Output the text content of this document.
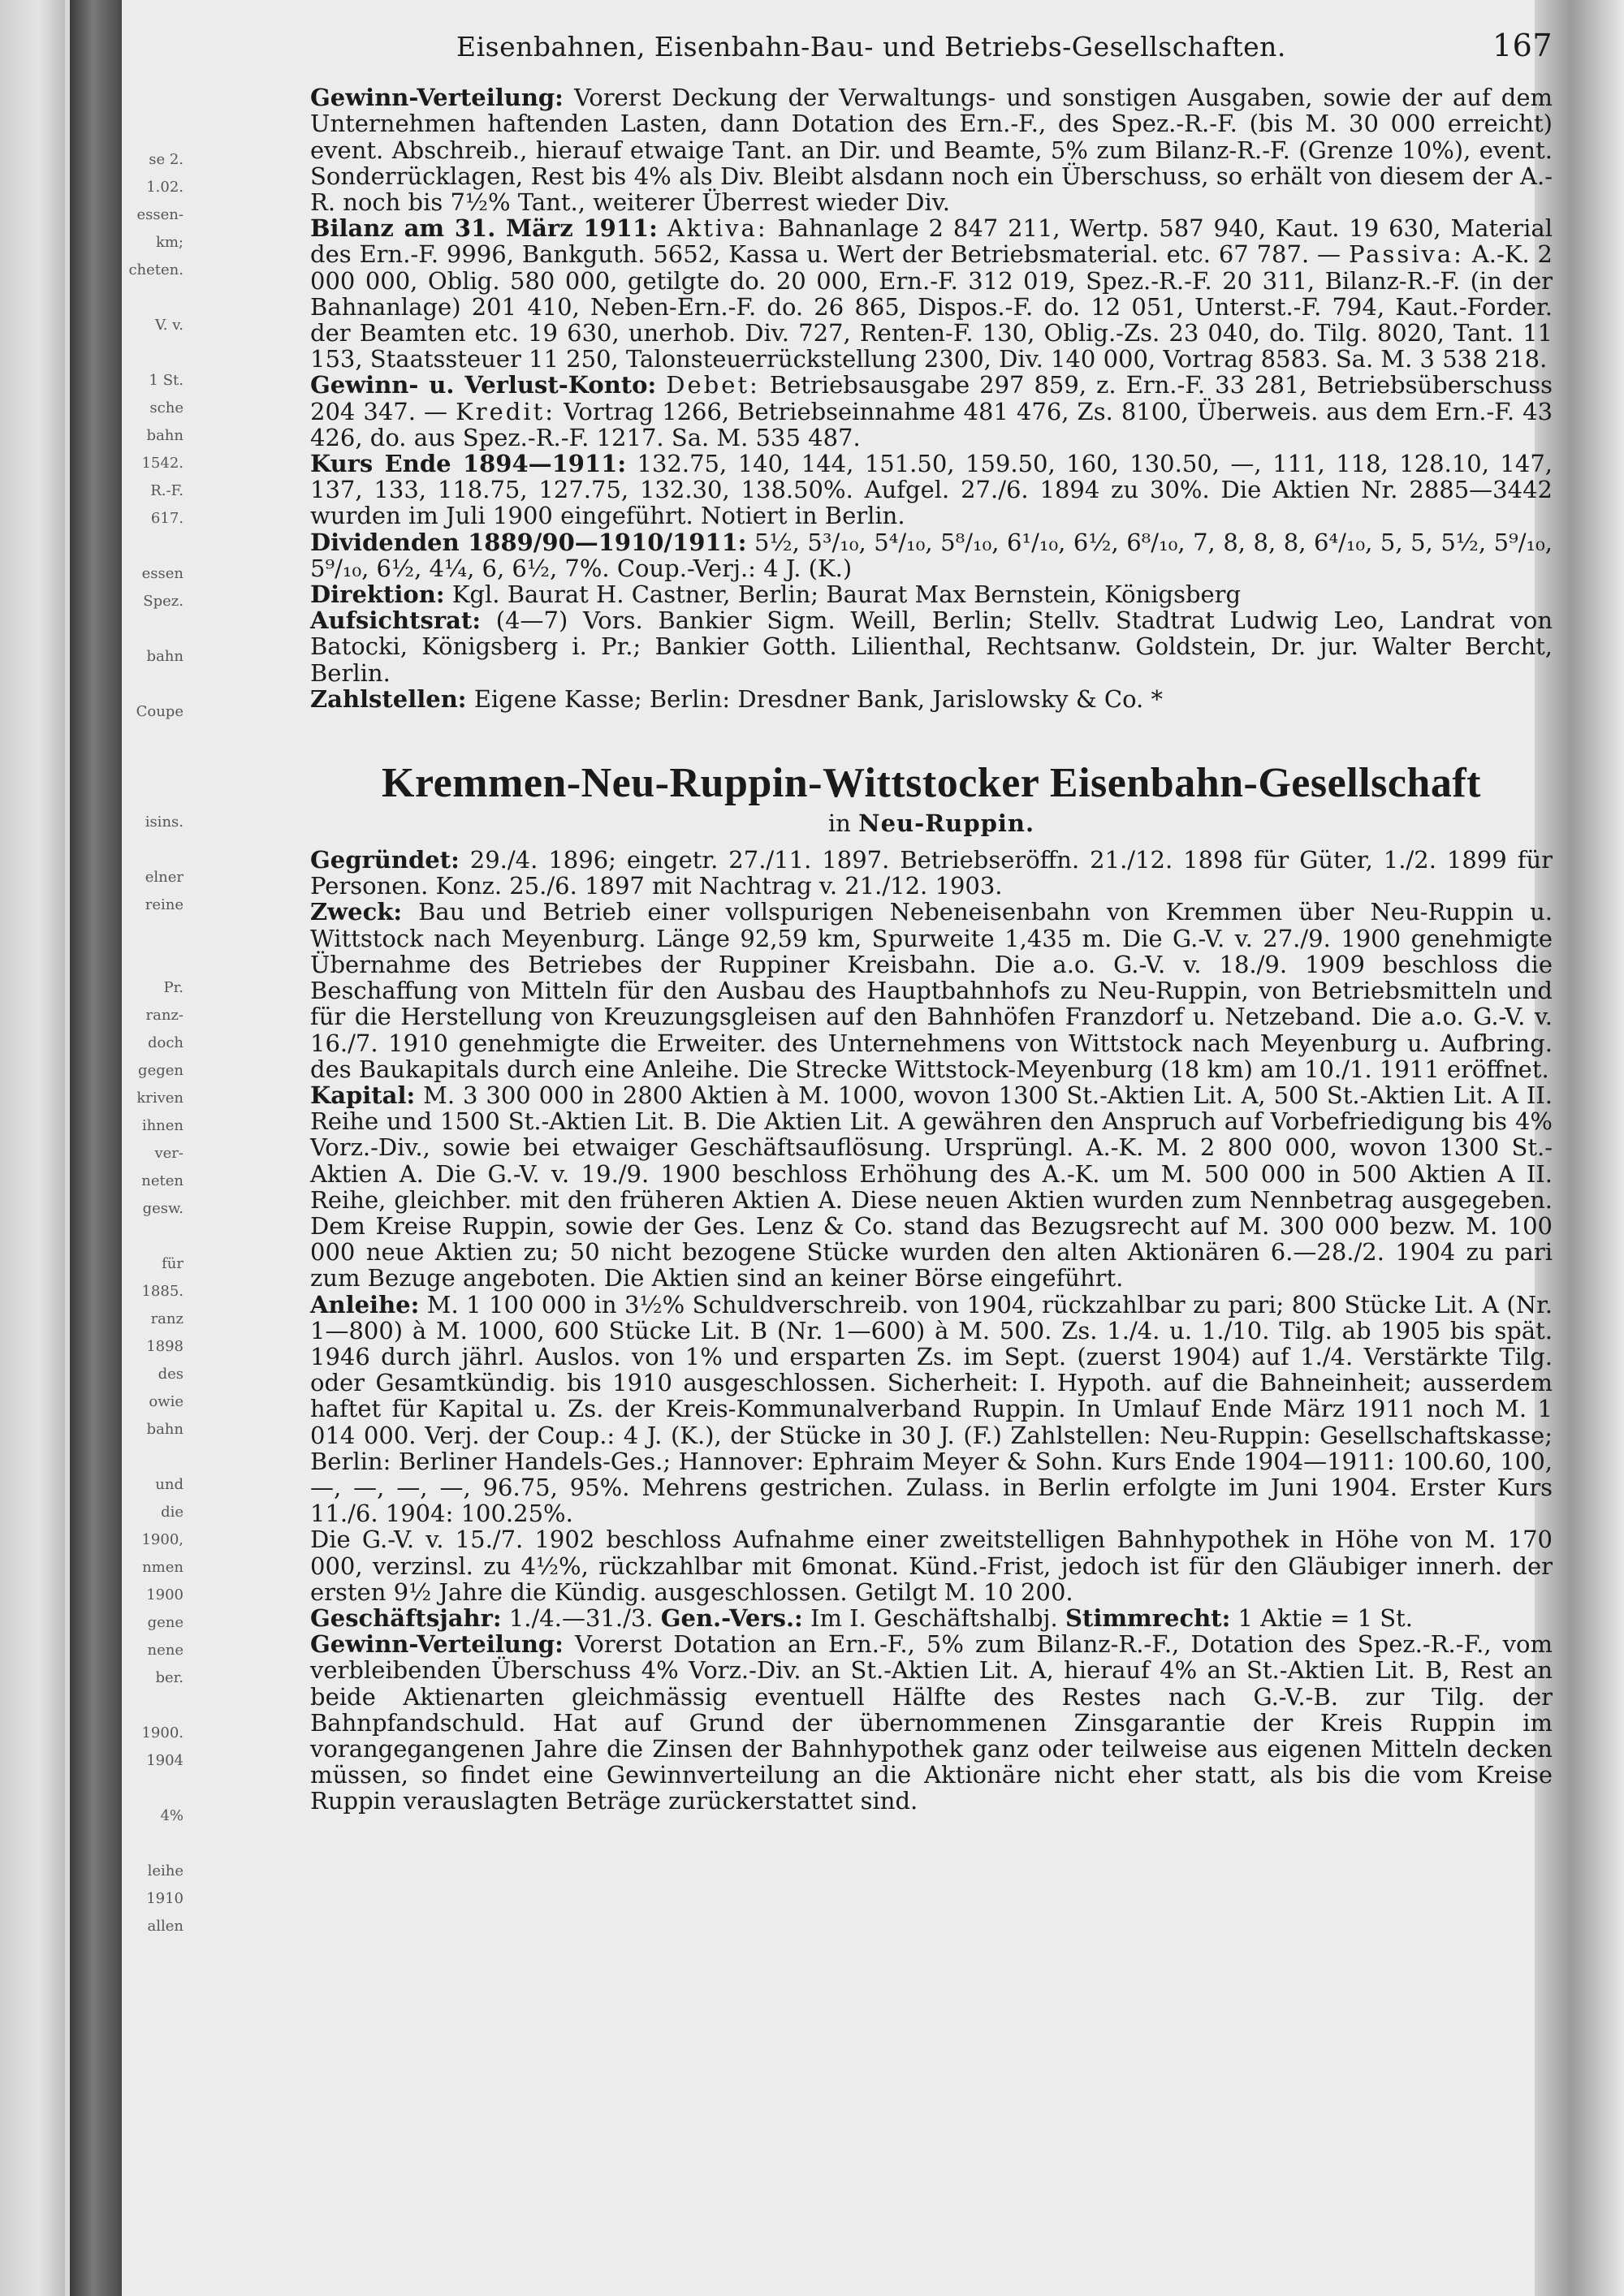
se 2.
1.02.
essen-
km;
cheten.

V. v.

1 St.
sche
bahn
1542.
R.-F.
617.

essen
Spez.

bahn

Coupe

isins.

elner
reine

Pr.
ranz-
doch
gegen
kriven
ihnen
ver-
neten
gesw.

für
1885.
ranz
1898
des
owie
bahn

und
die
1900,
nmen
1900
gene
nene
ber.

1900.
1904

4%

leihe
1910
allen
Eisenbahnen, Eisenbahn-Bau- und Betriebs-Gesellschaften.	167

Gewinn-Verteilung: Vorerst Deckung der Verwaltungs- und sonstigen Ausgaben, sowie der auf dem Unternehmen haftenden Lasten, dann Dotation des Ern.-F., des Spez.-R.-F. (bis M. 30 000 erreicht) event. Abschreib., hierauf etwaige Tant. an Dir. und Beamte, 5% zum Bilanz-R.-F. (Grenze 10%), event. Sonderrücklagen, Rest bis 4% als Div. Bleibt alsdann noch ein Überschuss, so erhält von diesem der A.-R. noch bis 7½% Tant., weiterer Überrest wieder Div.

Bilanz am 31. März 1911: Aktiva: Bahnanlage 2 847 211, Wertp. 587 940, Kaut. 19 630, Material des Ern.-F. 9996, Bankguth. 5652, Kassa u. Wert der Betriebsmaterial. etc. 67 787. — Passiva: A.-K. 2 000 000, Oblig. 580 000, getilgte do. 20 000, Ern.-F. 312 019, Spez.-R.-F. 20 311, Bilanz-R.-F. (in der Bahnanlage) 201 410, Neben-Ern.-F. do. 26 865, Dispos.-F. do. 12 051, Unterst.-F. 794, Kaut.-Forder. der Beamten etc. 19 630, unerhob. Div. 727, Renten-F. 130, Oblig.-Zs. 23 040, do. Tilg. 8020, Tant. 11 153, Staatssteuer 11 250, Talonsteuerrückstellung 2300, Div. 140 000, Vortrag 8583. Sa. M. 3 538 218.

Gewinn- u. Verlust-Konto: Debet: Betriebsausgabe 297 859, z. Ern.-F. 33 281, Betriebsüberschuss 204 347. — Kredit: Vortrag 1266, Betriebseinnahme 481 476, Zs. 8100, Überweis. aus dem Ern.-F. 43 426, do. aus Spez.-R.-F. 1217. Sa. M. 535 487.

Kurs Ende 1894—1911: 132.75, 140, 144, 151.50, 159.50, 160, 130.50, —, 111, 118, 128.10, 147, 137, 133, 118.75, 127.75, 132.30, 138.50%. Aufgel. 27./6. 1894 zu 30%. Die Aktien Nr. 2885—3442 wurden im Juli 1900 eingeführt. Notiert in Berlin.

Dividenden 1889/90—1910/1911: 5½, 5³/₁₀, 5⁴/₁₀, 5⁸/₁₀, 6¹/₁₀, 6½, 6⁸/₁₀, 7, 8, 8, 8, 6⁴/₁₀, 5, 5, 5½, 5⁹/₁₀, 5⁹/₁₀, 6½, 4¼, 6, 6½, 7%. Coup.-Verj.: 4 J. (K.)

Direktion: Kgl. Baurat H. Castner, Berlin; Baurat Max Bernstein, Königsberg

Aufsichtsrat: (4—7) Vors. Bankier Sigm. Weill, Berlin; Stellv. Stadtrat Ludwig Leo, Landrat von Batocki, Königsberg i. Pr.; Bankier Gotth. Lilienthal, Rechtsanw. Goldstein, Dr. jur. Walter Bercht, Berlin.

Zahlstellen: Eigene Kasse; Berlin: Dresdner Bank, Jarislowsky & Co. *

Kremmen-Neu-Ruppin-Wittstocker Eisenbahn-Gesellschaft
in Neu-Ruppin.

Gegründet: 29./4. 1896; eingetr. 27./11. 1897. Betriebseröffn. 21./12. 1898 für Güter, 1./2. 1899 für Personen. Konz. 25./6. 1897 mit Nachtrag v. 21./12. 1903.

Zweck: Bau und Betrieb einer vollspurigen Nebeneisenbahn von Kremmen über Neu-Ruppin u. Wittstock nach Meyenburg. Länge 92,59 km, Spurweite 1,435 m. Die G.-V. v. 27./9. 1900 genehmigte Übernahme des Betriebes der Ruppiner Kreisbahn. Die a.o. G.-V. v. 18./9. 1909 beschloss die Beschaffung von Mitteln für den Ausbau des Hauptbahnhofs zu Neu-Ruppin, von Betriebsmitteln und für die Herstellung von Kreuzungsgleisen auf den Bahnhöfen Franzdorf u. Netzeband. Die a.o. G.-V. v. 16./7. 1910 genehmigte die Erweiter. des Unternehmens von Wittstock nach Meyenburg u. Aufbring. des Baukapitals durch eine Anleihe. Die Strecke Wittstock-Meyenburg (18 km) am 10./1. 1911 eröffnet.

Kapital: M. 3 300 000 in 2800 Aktien à M. 1000, wovon 1300 St.-Aktien Lit. A, 500 St.-Aktien Lit. A II. Reihe und 1500 St.-Aktien Lit. B. Die Aktien Lit. A gewähren den Anspruch auf Vorbefriedigung bis 4% Vorz.-Div., sowie bei etwaiger Geschäftsauflösung. Ursprüngl. A.-K. M. 2 800 000, wovon 1300 St.-Aktien A. Die G.-V. v. 19./9. 1900 beschloss Erhöhung des A.-K. um M. 500 000 in 500 Aktien A II. Reihe, gleichber. mit den früheren Aktien A. Diese neuen Aktien wurden zum Nennbetrag ausgegeben. Dem Kreise Ruppin, sowie der Ges. Lenz & Co. stand das Bezugsrecht auf M. 300 000 bezw. M. 100 000 neue Aktien zu; 50 nicht bezogene Stücke wurden den alten Aktionären 6.—28./2. 1904 zu pari zum Bezuge angeboten. Die Aktien sind an keiner Börse eingeführt.

Anleihe: M. 1 100 000 in 3½% Schuldverschreib. von 1904, rückzahlbar zu pari; 800 Stücke Lit. A (Nr. 1—800) à M. 1000, 600 Stücke Lit. B (Nr. 1—600) à M. 500. Zs. 1./4. u. 1./10. Tilg. ab 1905 bis spät. 1946 durch jährl. Auslos. von 1% und ersparten Zs. im Sept. (zuerst 1904) auf 1./4. Verstärkte Tilg. oder Gesamtkündig. bis 1910 ausgeschlossen. Sicherheit: I. Hypoth. auf die Bahneinheit; ausserdem haftet für Kapital u. Zs. der Kreis-Kommunalverband Ruppin. In Umlauf Ende März 1911 noch M. 1 014 000. Verj. der Coup.: 4 J. (K.), der Stücke in 30 J. (F.) Zahlstellen: Neu-Ruppin: Gesellschaftskasse; Berlin: Berliner Handels-Ges.; Hannover: Ephraim Meyer & Sohn. Kurs Ende 1904—1911: 100.60, 100, —, —, —, —, 96.75, 95%. Mehrens gestrichen. Zulass. in Berlin erfolgte im Juni 1904. Erster Kurs 11./6. 1904: 100.25%.

Die G.-V. v. 15./7. 1902 beschloss Aufnahme einer zweitstelligen Bahnhypothek in Höhe von M. 170 000, verzinsl. zu 4½%, rückzahlbar mit 6monat. Künd.-Frist, jedoch ist für den Gläubiger innerh. der ersten 9½ Jahre die Kündig. ausgeschlossen. Getilgt M. 10 200.

Geschäftsjahr: 1./4.—31./3. Gen.-Vers.: Im I. Geschäftshalbj. Stimmrecht: 1 Aktie = 1 St.

Gewinn-Verteilung: Vorerst Dotation an Ern.-F., 5% zum Bilanz-R.-F., Dotation des Spez.-R.-F., vom verbleibenden Überschuss 4% Vorz.-Div. an St.-Aktien Lit. A, hierauf 4% an St.-Aktien Lit. B, Rest an beide Aktienarten gleichmässig eventuell Hälfte des Restes nach G.-V.-B. zur Tilg. der Bahnpfandschuld. Hat auf Grund der übernommenen Zinsgarantie der Kreis Ruppin im vorangegangenen Jahre die Zinsen der Bahnhypothek ganz oder teilweise aus eigenen Mitteln decken müssen, so findet eine Gewinnverteilung an die Aktionäre nicht eher statt, als bis die vom Kreise Ruppin verauslagten Beträge zurückerstattet sind.
